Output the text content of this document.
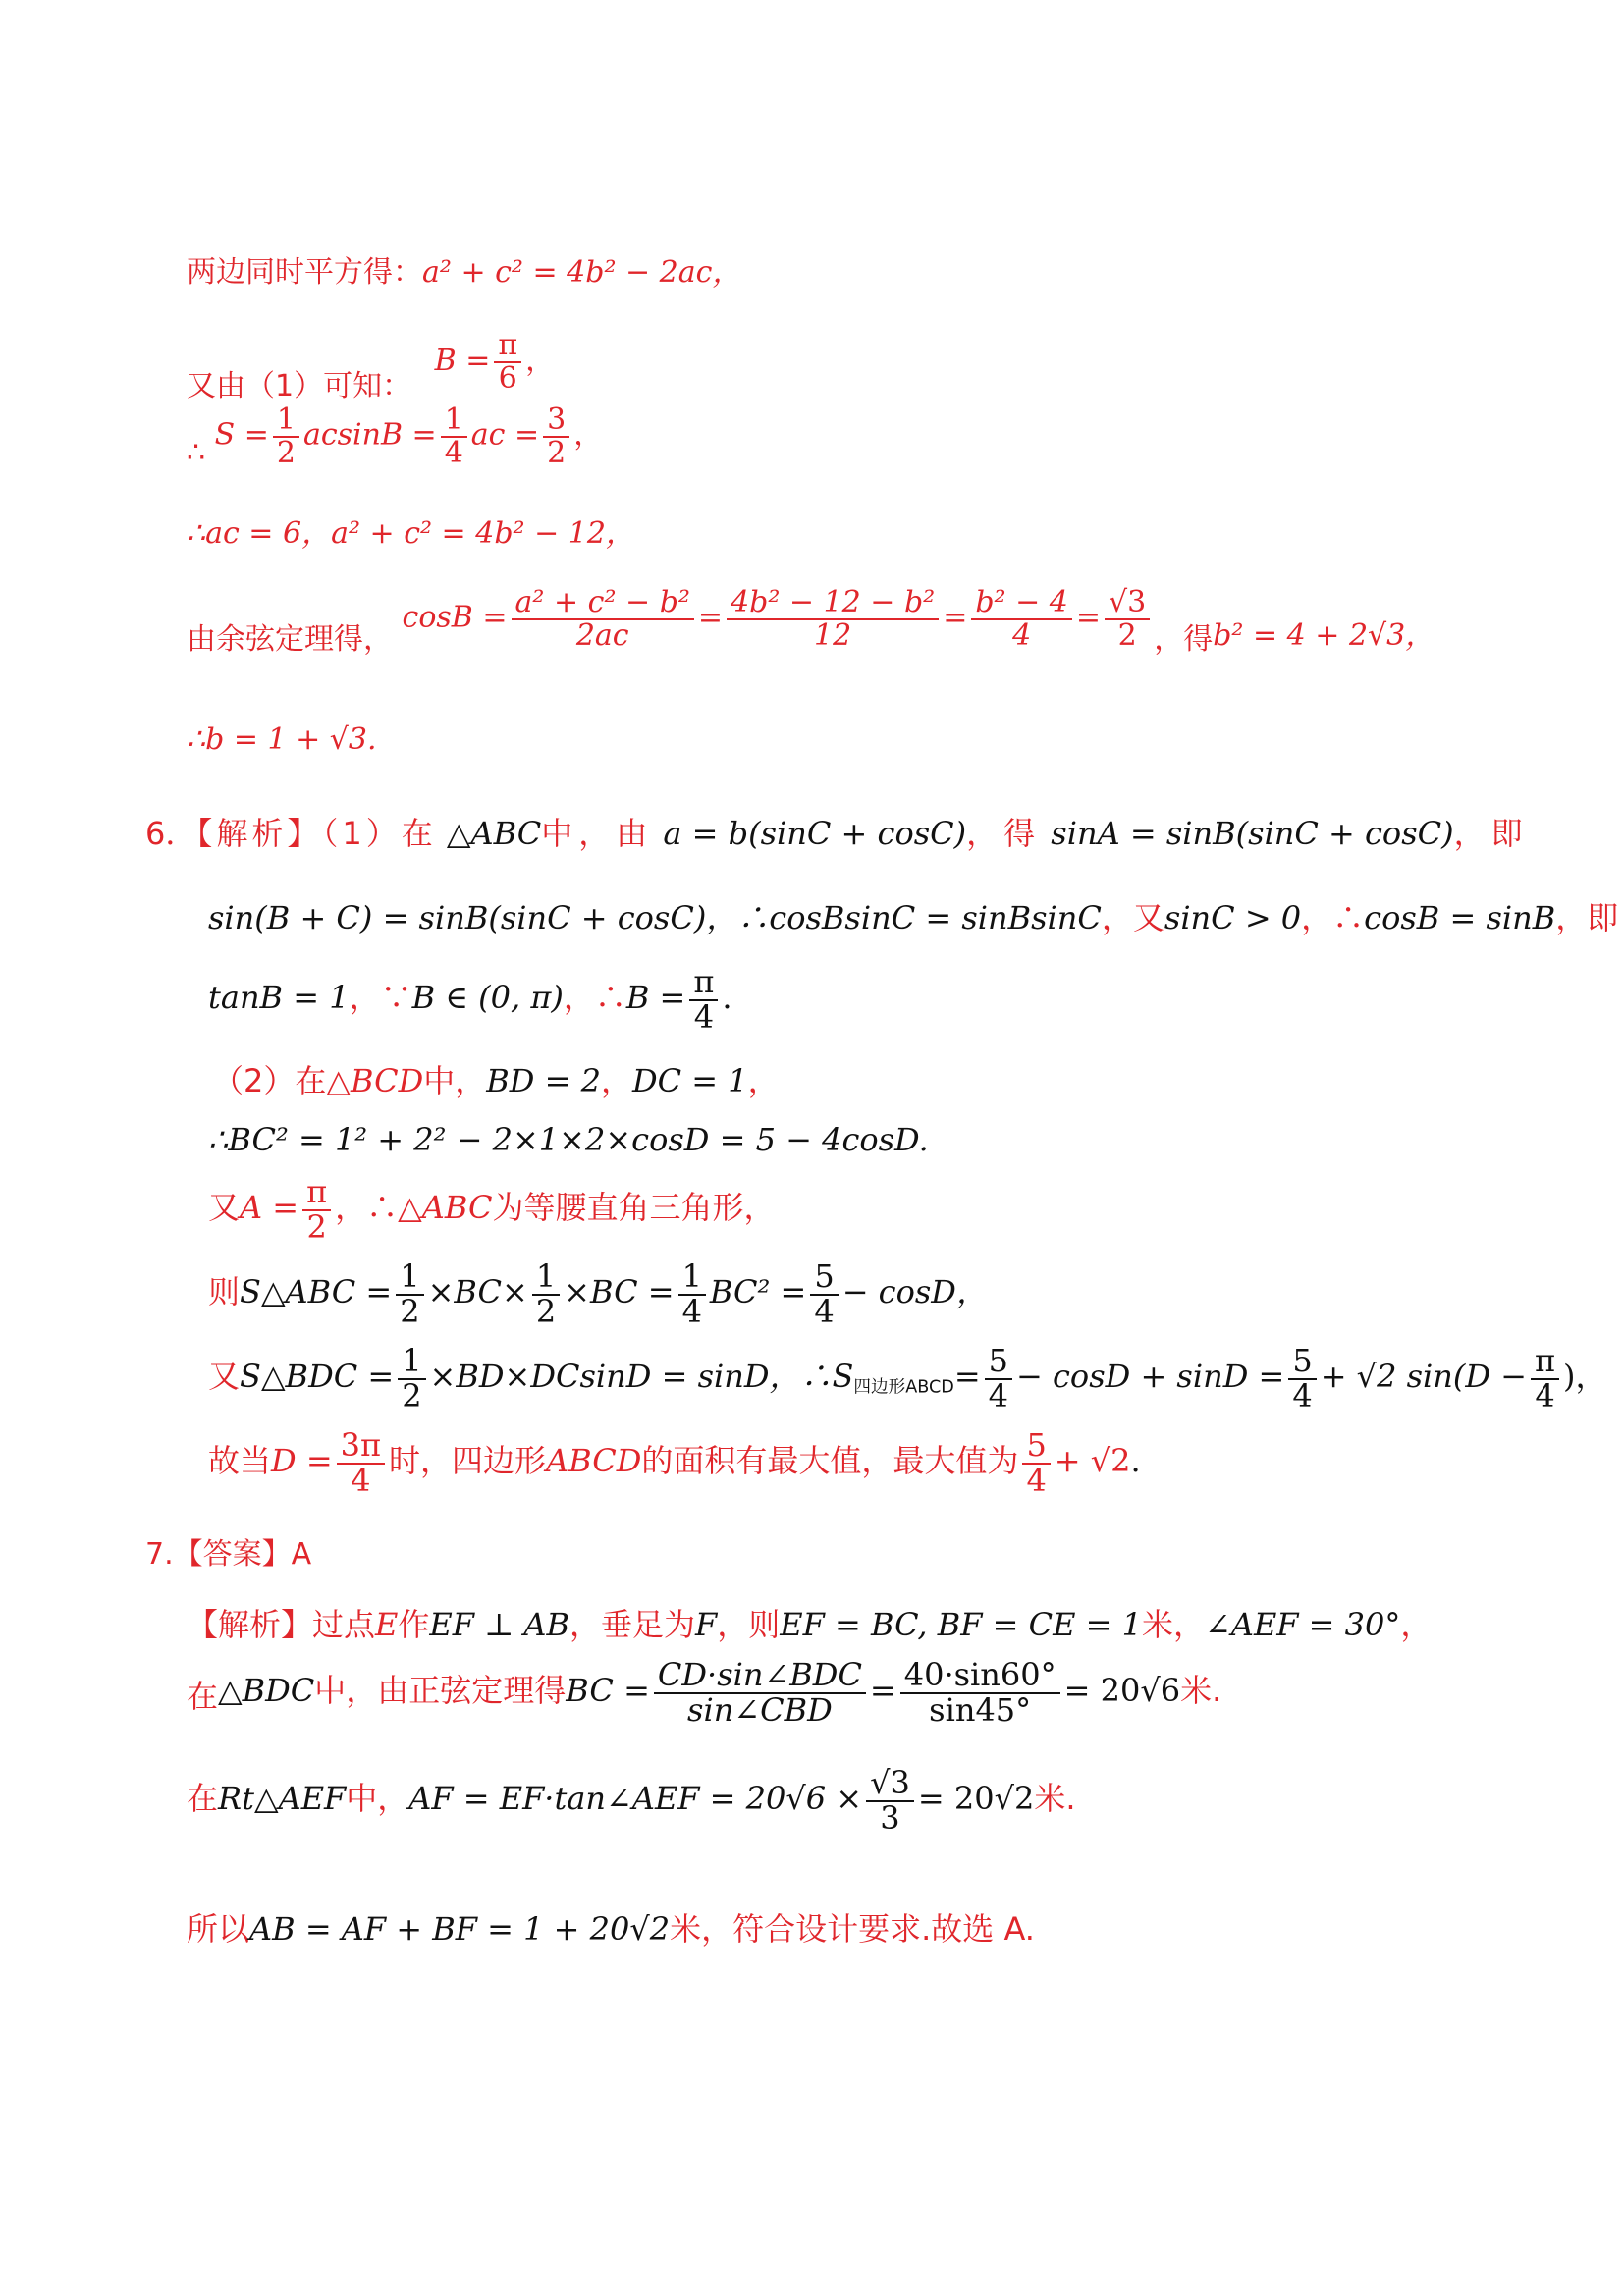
两边同时平方得：a² + c² = 4b² − 2ac，
又由（1）可知： $B = \frac{\pi}{6}$ ，
∴ $S = \frac{1}{2}$ $acsinB = \frac{1}{4}$ ac = $\frac{3}{2}$ ，
∴ac = 6，a² + c² = 4b² − 12，
由余弦定理得， $\cos B = \frac{\text{a² + c² − b²}}{2ac} = \frac{\text{4b² − 12 − b²}}{12} = \frac{\text{b² − 4}}{4} = \frac{√3}{2}$ ，得b² = 4 + 2√3，
∴b = 1 + √3.
6．【解析】（1）在 △ABC中，由 a = b(sinC + cosC)，得 sinA = sinB(sinC + cosC)，即
sin(B + C) = sinB(sinC + cosC)，∴cosBsinC = sinBsinC，又sinC > 0，∴cosB = sinB，即
tanB = 1，∵B ∈ (0, π)，∴B = $\frac{\pi}{4}$ .
（2）在△BCD中，BD = 2，DC = 1，
∴BC² = 1² + 2² − 2×1×2×cosD = 5 − 4cosD.
又$A = \frac{\pi}{2}$ ，∴△ABC为等腰直角三角形，
则S△ABC = $\frac{1}{2} \times BC\times \frac{1}{2} \times BC = \frac{1}{4} BC^2 = \frac{5}{4} - \cos D$，
又S△BDC = $\frac{1}{2} \times BD\times DCsinD = \sin D$，$\therefore S_{四边形ABCD}= \frac{5}{4} - \cos D + \sin D = \frac{5}{4} + √2$ $\sin(D - \frac{\pi}{4}$ )，
故当$D = \frac{3\pi}{4}$ 时，四边形ABCD的面积有最大值，最大值为 $\frac{5}{4} + √2$.
7.【答案】A
【解析】过点E作EF ⊥ AB，垂足为F，则EF = BC, BF = CE = 1米，∠AEF = 30°，
在△BDC中，由正弦定理得BC = $\frac{\text{CD·sin∠BDC}}{\text{sin∠CBD}} = \frac{40\cdot\sin 60^\circ}{\sin 45^\circ} = 20√6$米.
在Rt△AEF中，AF = EF·tan∠AEF = $20√6 \times \frac{√3}{3} = 20√2$米.
所以AB = AF + BF = 1 + 20√2米，符合设计要求.故选 A.
